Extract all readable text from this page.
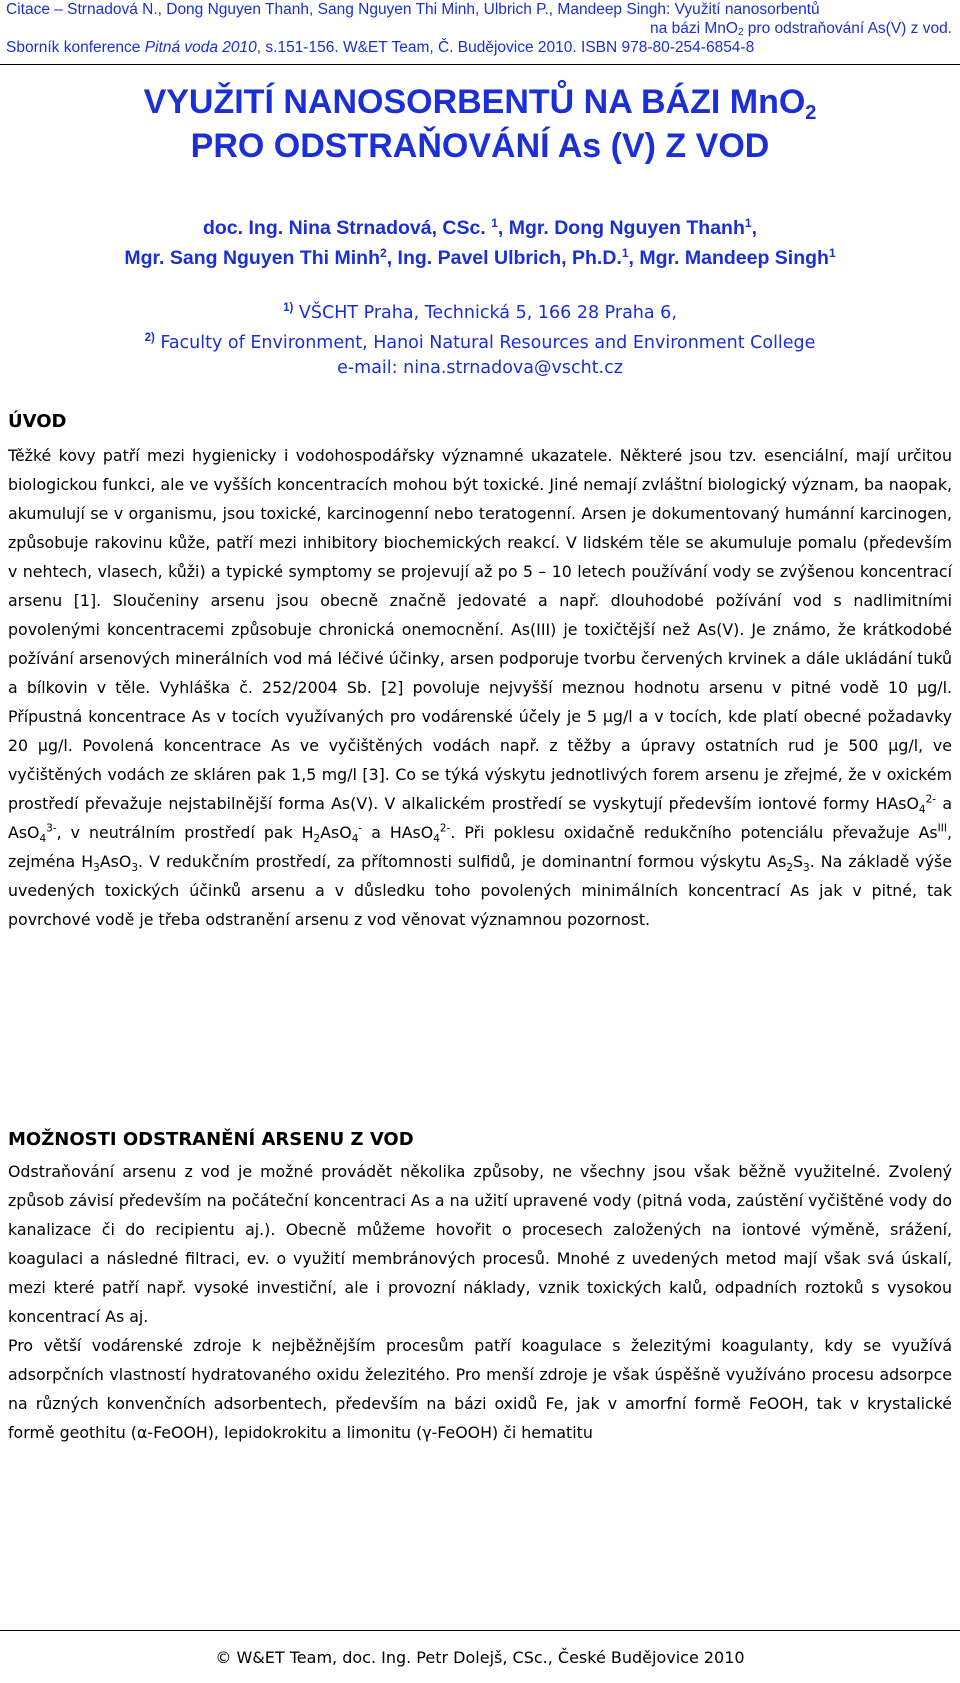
Citace – Strnadová N., Dong Nguyen Thanh, Sang Nguyen Thi Minh, Ulbrich P., Mandeep Singh: Využití nanosorbentů
na bázi MnO$_2$ pro odstraňování As(V) z vod.
Sborník konference Pitná voda 2010, s.151-156. W&ET Team, Č. Budějovice 2010. ISBN 978-80-254-6854-8
VYUŽITÍ NANOSORBENTŮ NA BÁZI MnO$_2$
PRO ODSTRAŇOVÁNÍ As (V) Z VOD
doc. Ing. Nina Strnadová, CSc. $^1$, Mgr. Dong Nguyen Thanh$^1$,
Mgr. Sang Nguyen Thi Minh$^2$, Ing. Pavel Ulbrich, Ph.D.$^1$, Mgr. Mandeep Singh$^1$
$^{1)}$ VŠCHT Praha, Technická 5, 166 28 Praha 6,
$^{2)}$ Faculty of Environment, Hanoi Natural Resources and Environment College
e-mail: nina.strnadova@vscht.cz
ÚVOD

Těžké kovy patří mezi hygienicky i vodohospodářsky významné ukazatele. Některé jsou tzv. esenciální, mají určitou biologickou funkci, ale ve vyšších koncentracích mohou být toxické. Jiné nemají zvláštní biologický význam, ba naopak, akumulují se v organismu, jsou toxické, karcinogenní nebo teratogenní. Arsen je dokumentovaný humánní karcinogen, způsobuje rakovinu kůže, patří mezi inhibitory biochemických reakcí. V lidském těle se akumuluje pomalu (především v nehtech, vlasech, kůži) a typické symptomy se projevují až po 5 – 10 letech používání vody se zvýšenou koncentrací arsenu [1]. Sloučeniny arsenu jsou obecně značně jedovaté a např. dlouhodobé požívání vod s nadlimitními povolenými koncentracemi způsobuje chronická onemocnění. As(III) je toxičtější než As(V). Je známo, že krátkodobé požívání arsenových minerálních vod má léčivé účinky, arsen podporuje tvorbu červených krvinek a dále ukládání tuků a bílkovin v těle. Vyhláška č. 252/2004 Sb. [2] povoluje nejvyšší meznou hodnotu arsenu v pitné vodě 10 μg/l. Přípustná koncentrace As v tocích využívaných pro vodárenské účely je 5 μg/l a v tocích, kde platí obecné požadavky 20 μg/l. Povolená koncentrace As ve vyčištěných vodách např. z těžby a úpravy ostatních rud je 500 μg/l, ve vyčištěných vodách ze skláren pak 1,5 mg/l [3]. Co se týká výskytu jednotlivých forem arsenu je zřejmé, že v oxickém prostředí převažuje nejstabilnější forma As(V). V alkalickém prostředí se vyskytují především iontové formy HAsO$_4^{2-}$ a AsO$_4^{3-}$, v neutrálním prostředí pak $H_2AsO_4^-$ a HAsO$_4^{2-}$. Při poklesu oxidačně redukčního potenciálu převažuje $As^{III}$, zejména $H_3AsO_3$. V redukčním prostředí, za přítomnosti sulfidů, je dominantní formou výskytu $As_2S_3$. Na základě výše uvedených toxických účinků arsenu a v důsledku toho povolených minimálních koncentrací As jak v pitné, tak povrchové vodě je třeba odstranění arsenu z vod věnovat významnou pozornost.

MOŽNOSTI ODSTRANĚNÍ ARSENU Z VOD

Odstraňování arsenu z vod je možné provádět několika způsoby, ne všechny jsou však běžně využitelné. Zvolený způsob závisí především na počáteční koncentraci As a na užití upravené vody (pitná voda, zaústění vyčištěné vody do kanalizace či do recipientu aj.). Obecně můžeme hovořit o procesech založených na iontové výměně, srážení, koagulaci a následné filtraci, ev. o využití membránových procesů. Mnohé z uvedených metod mají však svá úskalí, mezi které patří např. vysoké investiční, ale i provozní náklady, vznik toxických kalů, odpadních roztoků s vysokou koncentrací As aj.

Pro větší vodárenské zdroje k nejběžnějším procesům patří koagulace s železitými koagulanty, kdy se využívá adsorpčních vlastností hydratovaného oxidu železitého. Pro menší zdroje je však úspěšně využíváno procesu adsorpce na různých konvenčních adsorbentech, především na bázi oxidů Fe, jak v amorfní formě FeOOH, tak v krystalické formě geothitu (α-FeOOH), lepidokrokitu a limonitu (γ-FeOOH) či hematitu

© W&ET Team, doc. Ing. Petr Dolejš, CSc., České Budějovice 2010
